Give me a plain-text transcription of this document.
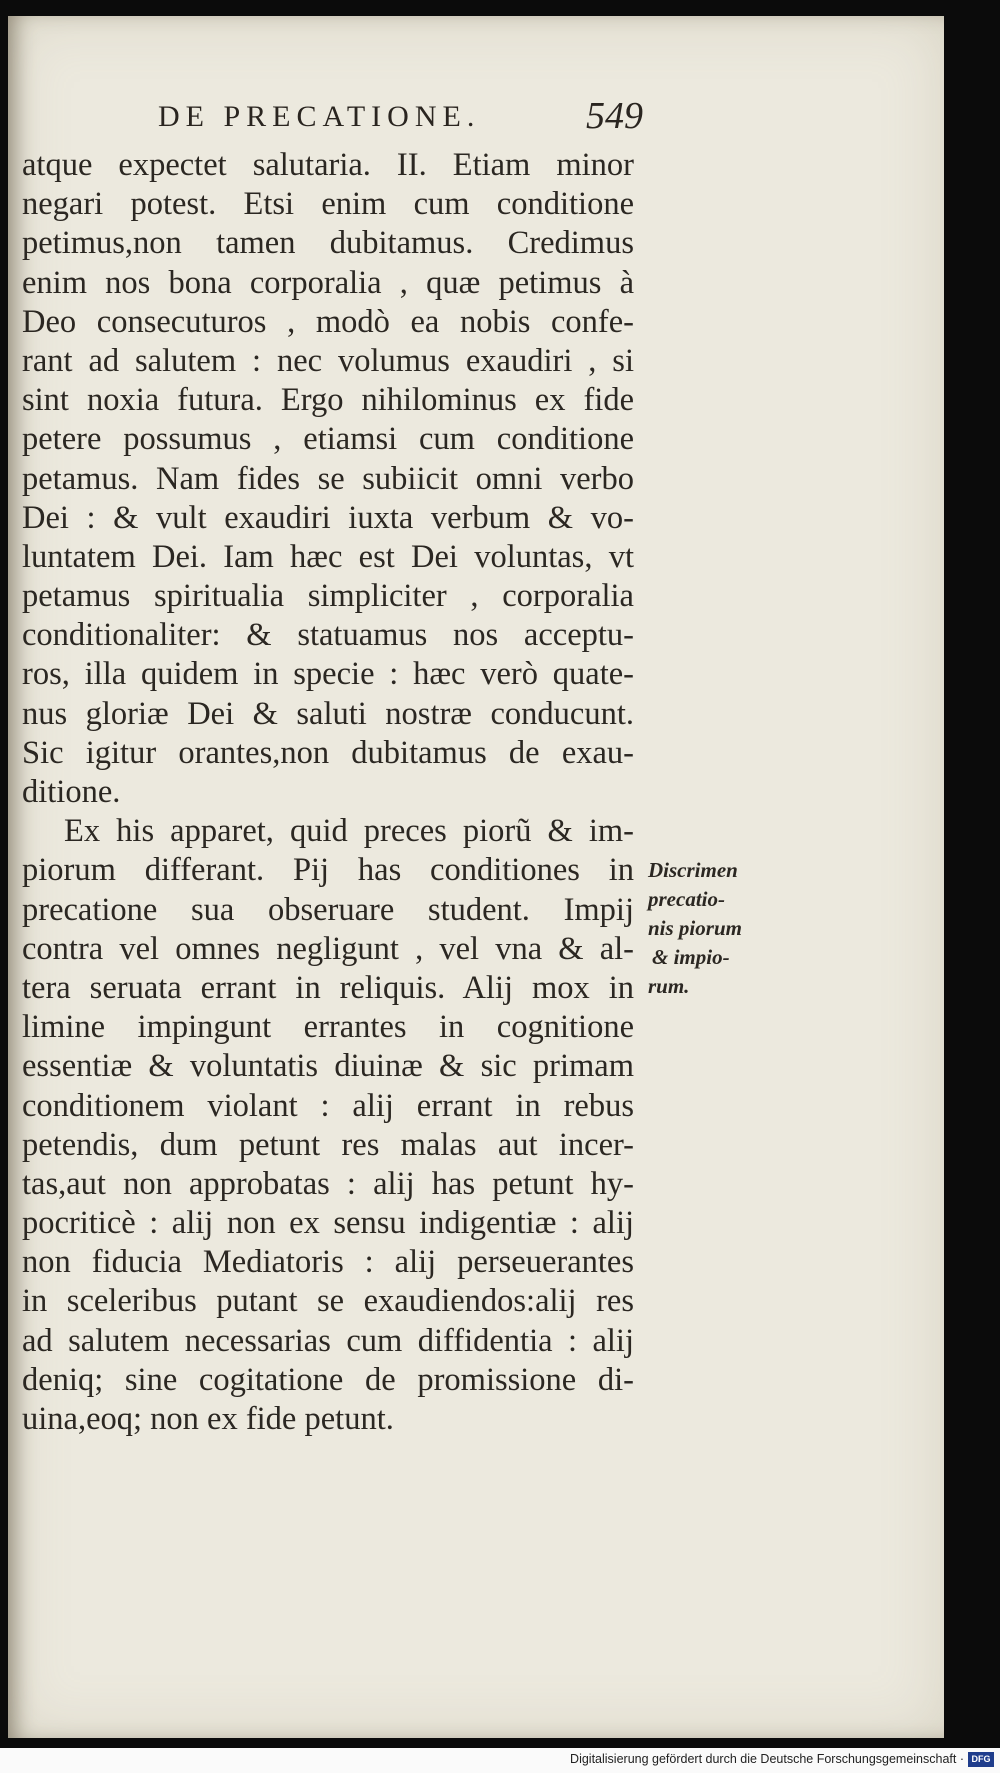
DE PRECATIONE.	549
atque expectet salutaria. II. Etiam minor
negari potest. Etsi enim cum conditione
petimus,non tamen dubitamus. Credimus
enim nos bona corporalia , quæ petimus à
Deo consecuturos , modò ea nobis confe-
rant ad salutem : nec volumus exaudiri , si
sint noxia futura. Ergo nihilominus ex fide
petere possumus , etiamsi cum conditione
petamus. Nam fides se subiicit omni verbo
Dei : & vult exaudiri iuxta verbum & vo-
luntatem Dei. Iam hæc est Dei voluntas, vt
petamus spiritualia simpliciter , corporalia
conditionaliter: & statuamus nos acceptu-
ros, illa quidem in specie : hæc verò quate-
nus gloriæ Dei & saluti nostræ conducunt.
Sic igitur orantes,non dubitamus de exau-
ditione.
Ex his apparet, quid preces piorũ & im-
piorum differant. Pij has conditiones in
precatione sua obseruare student. Impij
contra vel omnes negligunt , vel vna & al-
tera seruata errant in reliquis. Alij mox in
limine impingunt errantes in cognitione
essentiæ & voluntatis diuinæ & sic primam
conditionem violant : alij errant in rebus
petendis, dum petunt res malas aut incer-
tas,aut non approbatas : alij has petunt hy-
pocriticè : alij non ex sensu indigentiæ : alij
non fiducia Mediatoris : alij perseuerantes
in sceleribus putant se exaudiendos:alij res
ad salutem necessarias cum diffidentia : alij
deniq; sine cogitatione de promissione di-
uina,eoq; non ex fide petunt.
Discrimen
precatio-
nis piorum
& impio-
rum.
Digitalisierung gefördert durch die Deutsche Forschungsgemeinschaft · DFG
